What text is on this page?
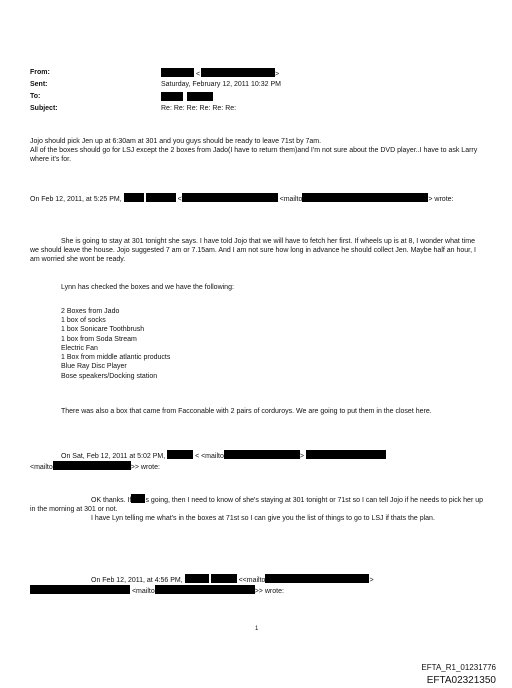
From:	<	>
Sent:	Saturday, February 12, 2011 10:32 PM
To:

Subject:	Re: Re: Re: Re: Re: Re:

Jojo should pick Jen up at 6:30am at 301 and you guys should be ready to leave 71st by 7am.

All of the boxes should go for LSJ except the 2 boxes from Jado(I have to return them)and I'm not sure about the DVD player..I have to ask Larry where it's for.

On Feb 12, 2011, at 5:25 PM,	<	<mailto	> wrote:

She is going to stay at 301 tonight she says. I have told Jojo that we will have to fetch her first. If wheels up is at 8, I wonder what time we should leave the house. Jojo suggested 7 am or 7.15am. And I am not sure how long in advance he should collect Jen. Maybe half an hour, I am worried she wont be ready.

Lynn has checked the boxes and we have the following:

2 Boxes from Jado
1 box of socks
1 box Sonicare Toothbrush
1 box from Soda Stream
Electric Fan
1 Box from middle atlantic products
Blue Ray Disc Player
Bose speakers/Docking station

There was also a box that came from Facconable with 2 pairs of corduroys. We are going to put them in the closet here.

On Sat, Feb 12, 2011 at 5:02 PM,	< <mailto	>
<mailto	>> wrote:

OK thanks. If s going, then I need to know of she's staying at 301 tonight or 71st so I can tell Jojo if he needs to pick her up in the morning at 301 or not.

I have Lyn telling me what's in the boxes at 71st so I can give you the list of things to go to LSJ if thats the plan.

On Feb 12, 2011, at 4:56 PM,	<<mailto	>
<mailto	>> wrote:
1
EFTA_R1_01231776
EFTA02321350
